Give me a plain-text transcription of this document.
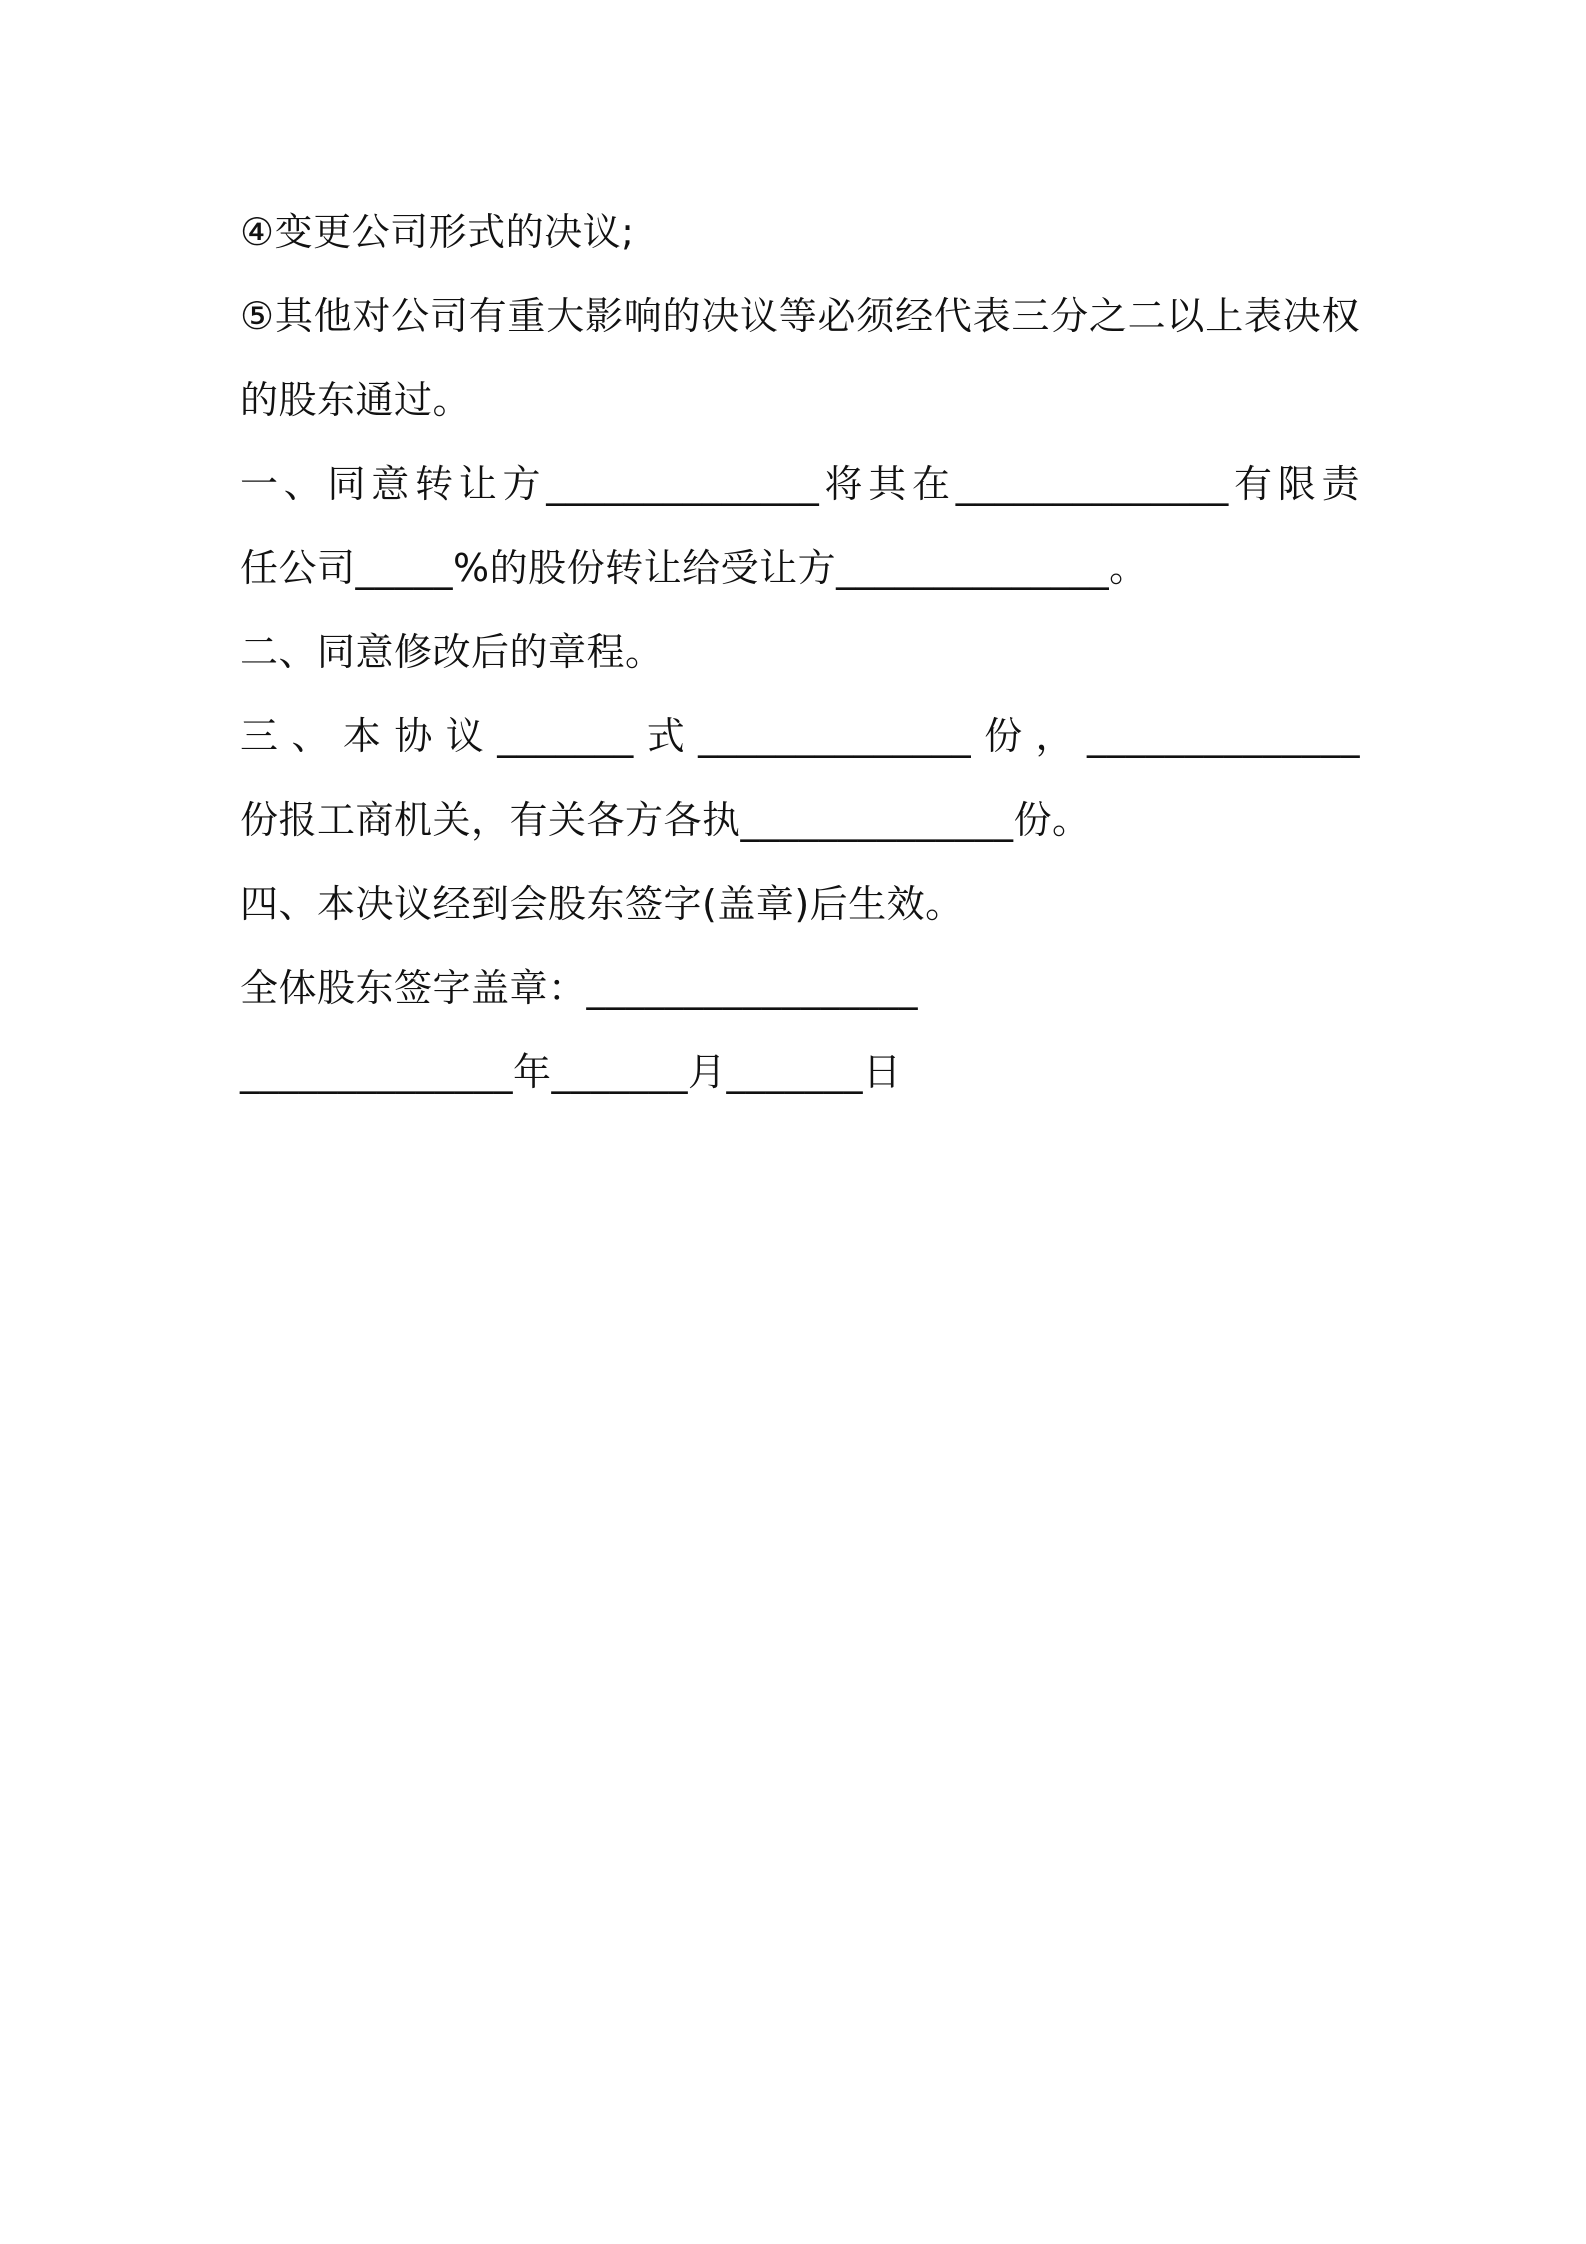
④变更公司形式的决议;
⑤其他对公司有重大影响的决议等必须经代表三分之二以上表决权
的股东通过。
一、同意转让方______________将其在______________有限责
任公司_____%的股份转让给受让方______________。
二、同意修改后的章程。
三、本协议_______式______________份，______________
份报工商机关，有关各方各执______________份。
四、本决议经到会股东签字(盖章)后生效。
全体股东签字盖章：_________________
______________年_______月_______日
